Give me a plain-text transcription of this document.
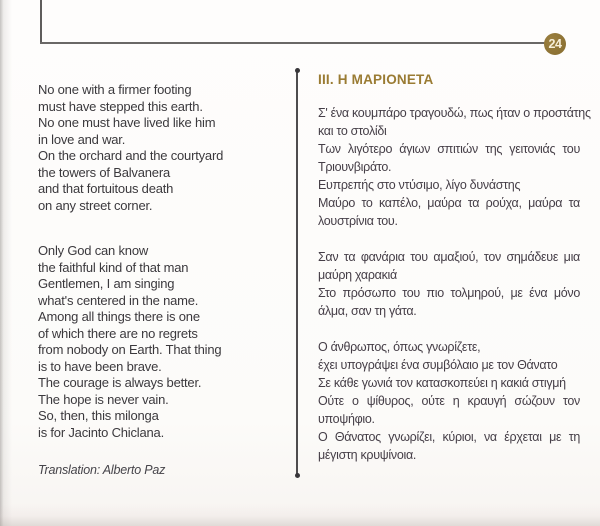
24
No one with a firmer footing
must have stepped this earth.
No one must have lived like him
in love and war.
On the orchard and the courtyard
the towers of Balvanera
and that fortuitous death
on any street corner.
Only God can know
the faithful kind of that man
Gentlemen, I am singing
what's centered in the name.
Among all things there is one
of which there are no regrets
from nobody on Earth. That thing
is to have been brave.
The courage is always better.
The hope is never vain.
So, then, this milonga
is for Jacinto Chiclana.
Translation: Alberto Paz
ΙΙΙ. Η ΜΑΡΙΟΝΕΤΑ
Σ' ένα κουμπάρο τραγουδώ, πως ήταν ο προστάτης
και το στολίδι
Των λιγότερο άγιων σπιτιών της γειτονιάς του
Τριουνβιράτο.
Ευπρεπής στο ντύσιμο, λίγο δυνάστης
Μαύρο το καπέλο, μαύρα τα ρούχα, μαύρα τα
λουστρίνια του.
Σαν τα φανάρια του αμαξιού, τον σημάδευε μια
μαύρη χαρακιά
Στο πρόσωπο του πιο τολμηρού, με ένα μόνο
άλμα, σαν τη γάτα.
Ο άνθρωπος, όπως γνωρίζετε,
έχει υπογράψει ένα συμβόλαιο με τον Θάνατο
Σε κάθε γωνιά τον κατασκοπεύει η κακιά στιγμή
Ούτε ο ψίθυρος, ούτε η κραυγή σώζουν τον
υποψήφιο.
Ο Θάνατος γνωρίζει, κύριοι, να έρχεται με τη
μέγιστη κρυψίνοια.
